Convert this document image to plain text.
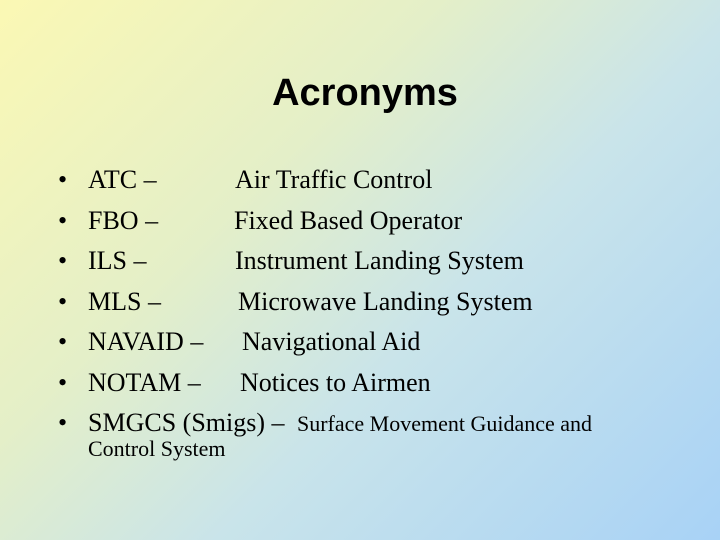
Acronyms
• ATC –	Air Traffic Control
• FBO –	Fixed Based Operator
• ILS –	Instrument Landing System
• MLS –	Microwave Landing System
• NAVAID – Navigational Aid
• NOTAM – Notices to Airmen
• SMGCS (Smigs) – Surface Movement Guidance and
Control System
